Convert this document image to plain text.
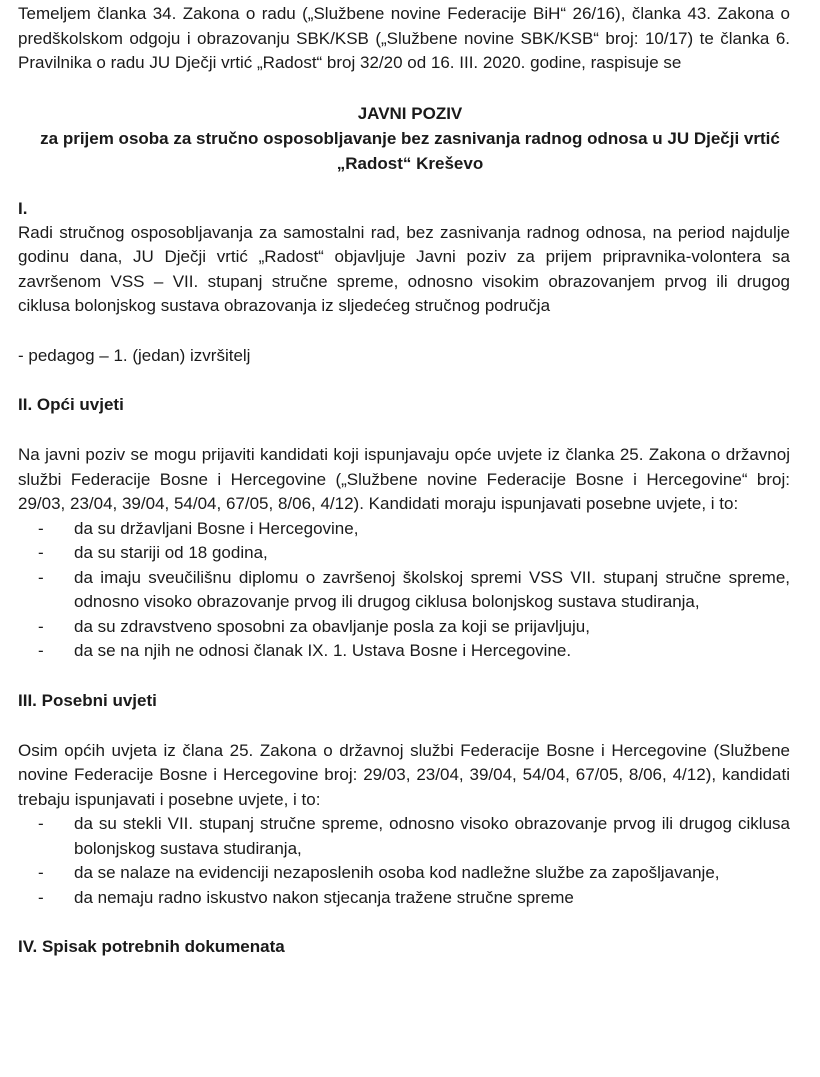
Temeljem članka 34. Zakona o radu („Službene novine Federacije BiH“ 26/16), članka 43. Zakona o predškolskom odgoju i obrazovanju SBK/KSB („Službene novine SBK/KSB“ broj: 10/17) te članka 6. Pravilnika o radu JU Dječji vrtić „Radost“ broj 32/20 od 16. III. 2020. godine, raspisuje se

JAVNI POZIV
za prijem osoba za stručno osposobljavanje bez zasnivanja radnog odnosa u JU Dječji vrtić
„Radost“ Kreševo
I.

Radi stručnog osposobljavanja za samostalni rad, bez zasnivanja radnog odnosa, na period najdulje godinu dana, JU Dječji vrtić „Radost“ objavljuje Javni poziv za prijem pripravnika-volontera sa završenom VSS – VII. stupanj stručne spreme, odnosno visokim obrazovanjem prvog ili drugog ciklusa bolonjskog sustava obrazovanja iz sljedećeg stručnog područja

- pedagog – 1. (jedan) izvršitelj

II. Opći uvjeti

Na javni poziv se mogu prijaviti kandidati koji ispunjavaju opće uvjete iz članka 25. Zakona o državnoj službi Federacije Bosne i Hercegovine („Službene novine Federacije Bosne i Hercegovine“ broj: 29/03, 23/04, 39/04, 54/04, 67/05, 8/06, 4/12). Kandidati moraju ispunjavati posebne uvjete, i to:

- da su državljani Bosne i Hercegovine,
- da su stariji od 18 godina,
- da imaju sveučilišnu diplomu o završenoj školskoj spremi VSS VII. stupanj stručne spreme, odnosno visoko obrazovanje prvog ili drugog ciklusa bolonjskog sustava studiranja,
- da su zdravstveno sposobni za obavljanje posla za koji se prijavljuju,
- da se na njih ne odnosi članak IX. 1. Ustava Bosne i Hercegovine.
III. Posebni uvjeti

Osim općih uvjeta iz člana 25. Zakona o državnoj službi Federacije Bosne i Hercegovine (Službene novine Federacije Bosne i Hercegovine broj: 29/03, 23/04, 39/04, 54/04, 67/05, 8/06, 4/12), kandidati trebaju ispunjavati i posebne uvjete, i to:

- da su stekli VII. stupanj stručne spreme, odnosno visoko obrazovanje prvog ili drugog ciklusa bolonjskog sustava studiranja,
- da se nalaze na evidenciji nezaposlenih osoba kod nadležne službe za zapošljavanje,
- da nemaju radno iskustvo nakon stjecanja tražene stručne spreme
IV. Spisak potrebnih dokumenata
